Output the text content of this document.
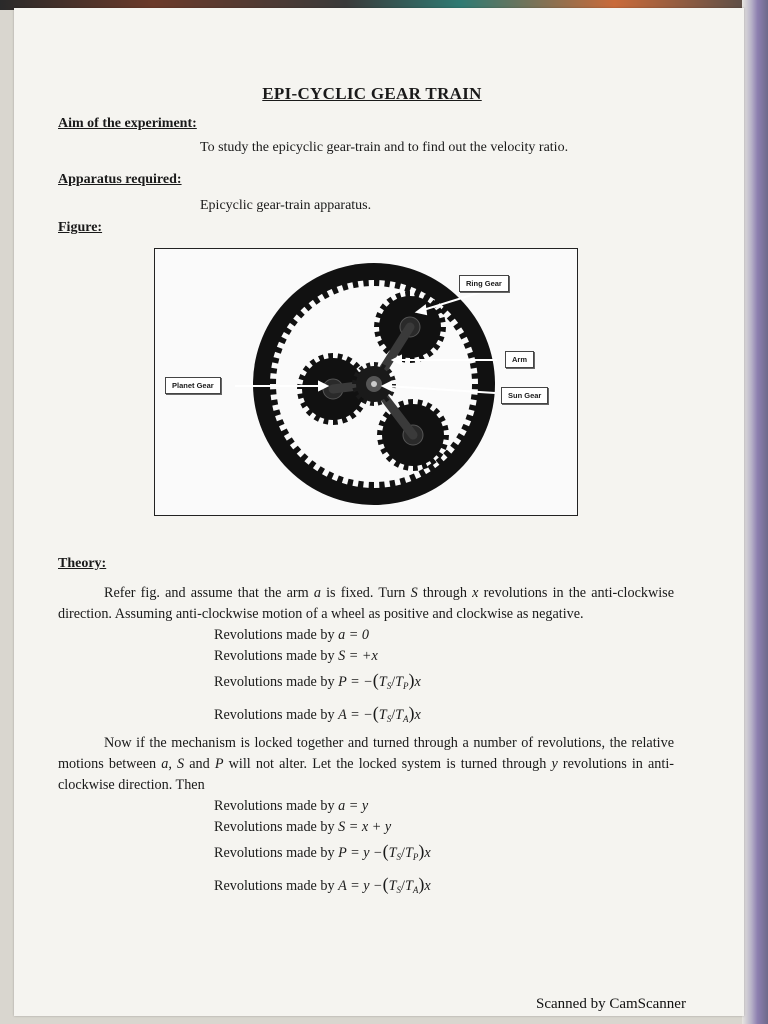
EPI-CYCLIC GEAR TRAIN
Aim of the experiment:
To study the epicyclic gear-train and to find out the velocity ratio.
Apparatus required:
Epicyclic gear-train apparatus.
Figure:
Ring Gear
Arm
Sun Gear
Planet Gear
Theory:

Refer fig. and assume that the arm a is fixed. Turn S through x revolutions in the anti-clockwise direction. Assuming anti-clockwise motion of a wheel as positive and clockwise as negative.

Revolutions made by a = 0
Revolutions made by S = +x
Revolutions made by $P = -(T_S/T_P)x$
Revolutions made by $A = -(T_S/T_A)x$

Now if the mechanism is locked together and turned through a number of revolutions, the relative motions between a, S and P will not alter. Let the locked system is turned through y revolutions in anti-clockwise direction. Then

Revolutions made by a = y
Revolutions made by S = x + y
Revolutions made by $P = y -(T_S/T_P)x$
Revolutions made by $A = y -(T_S/T_A)x$
Scanned by CamScanner
